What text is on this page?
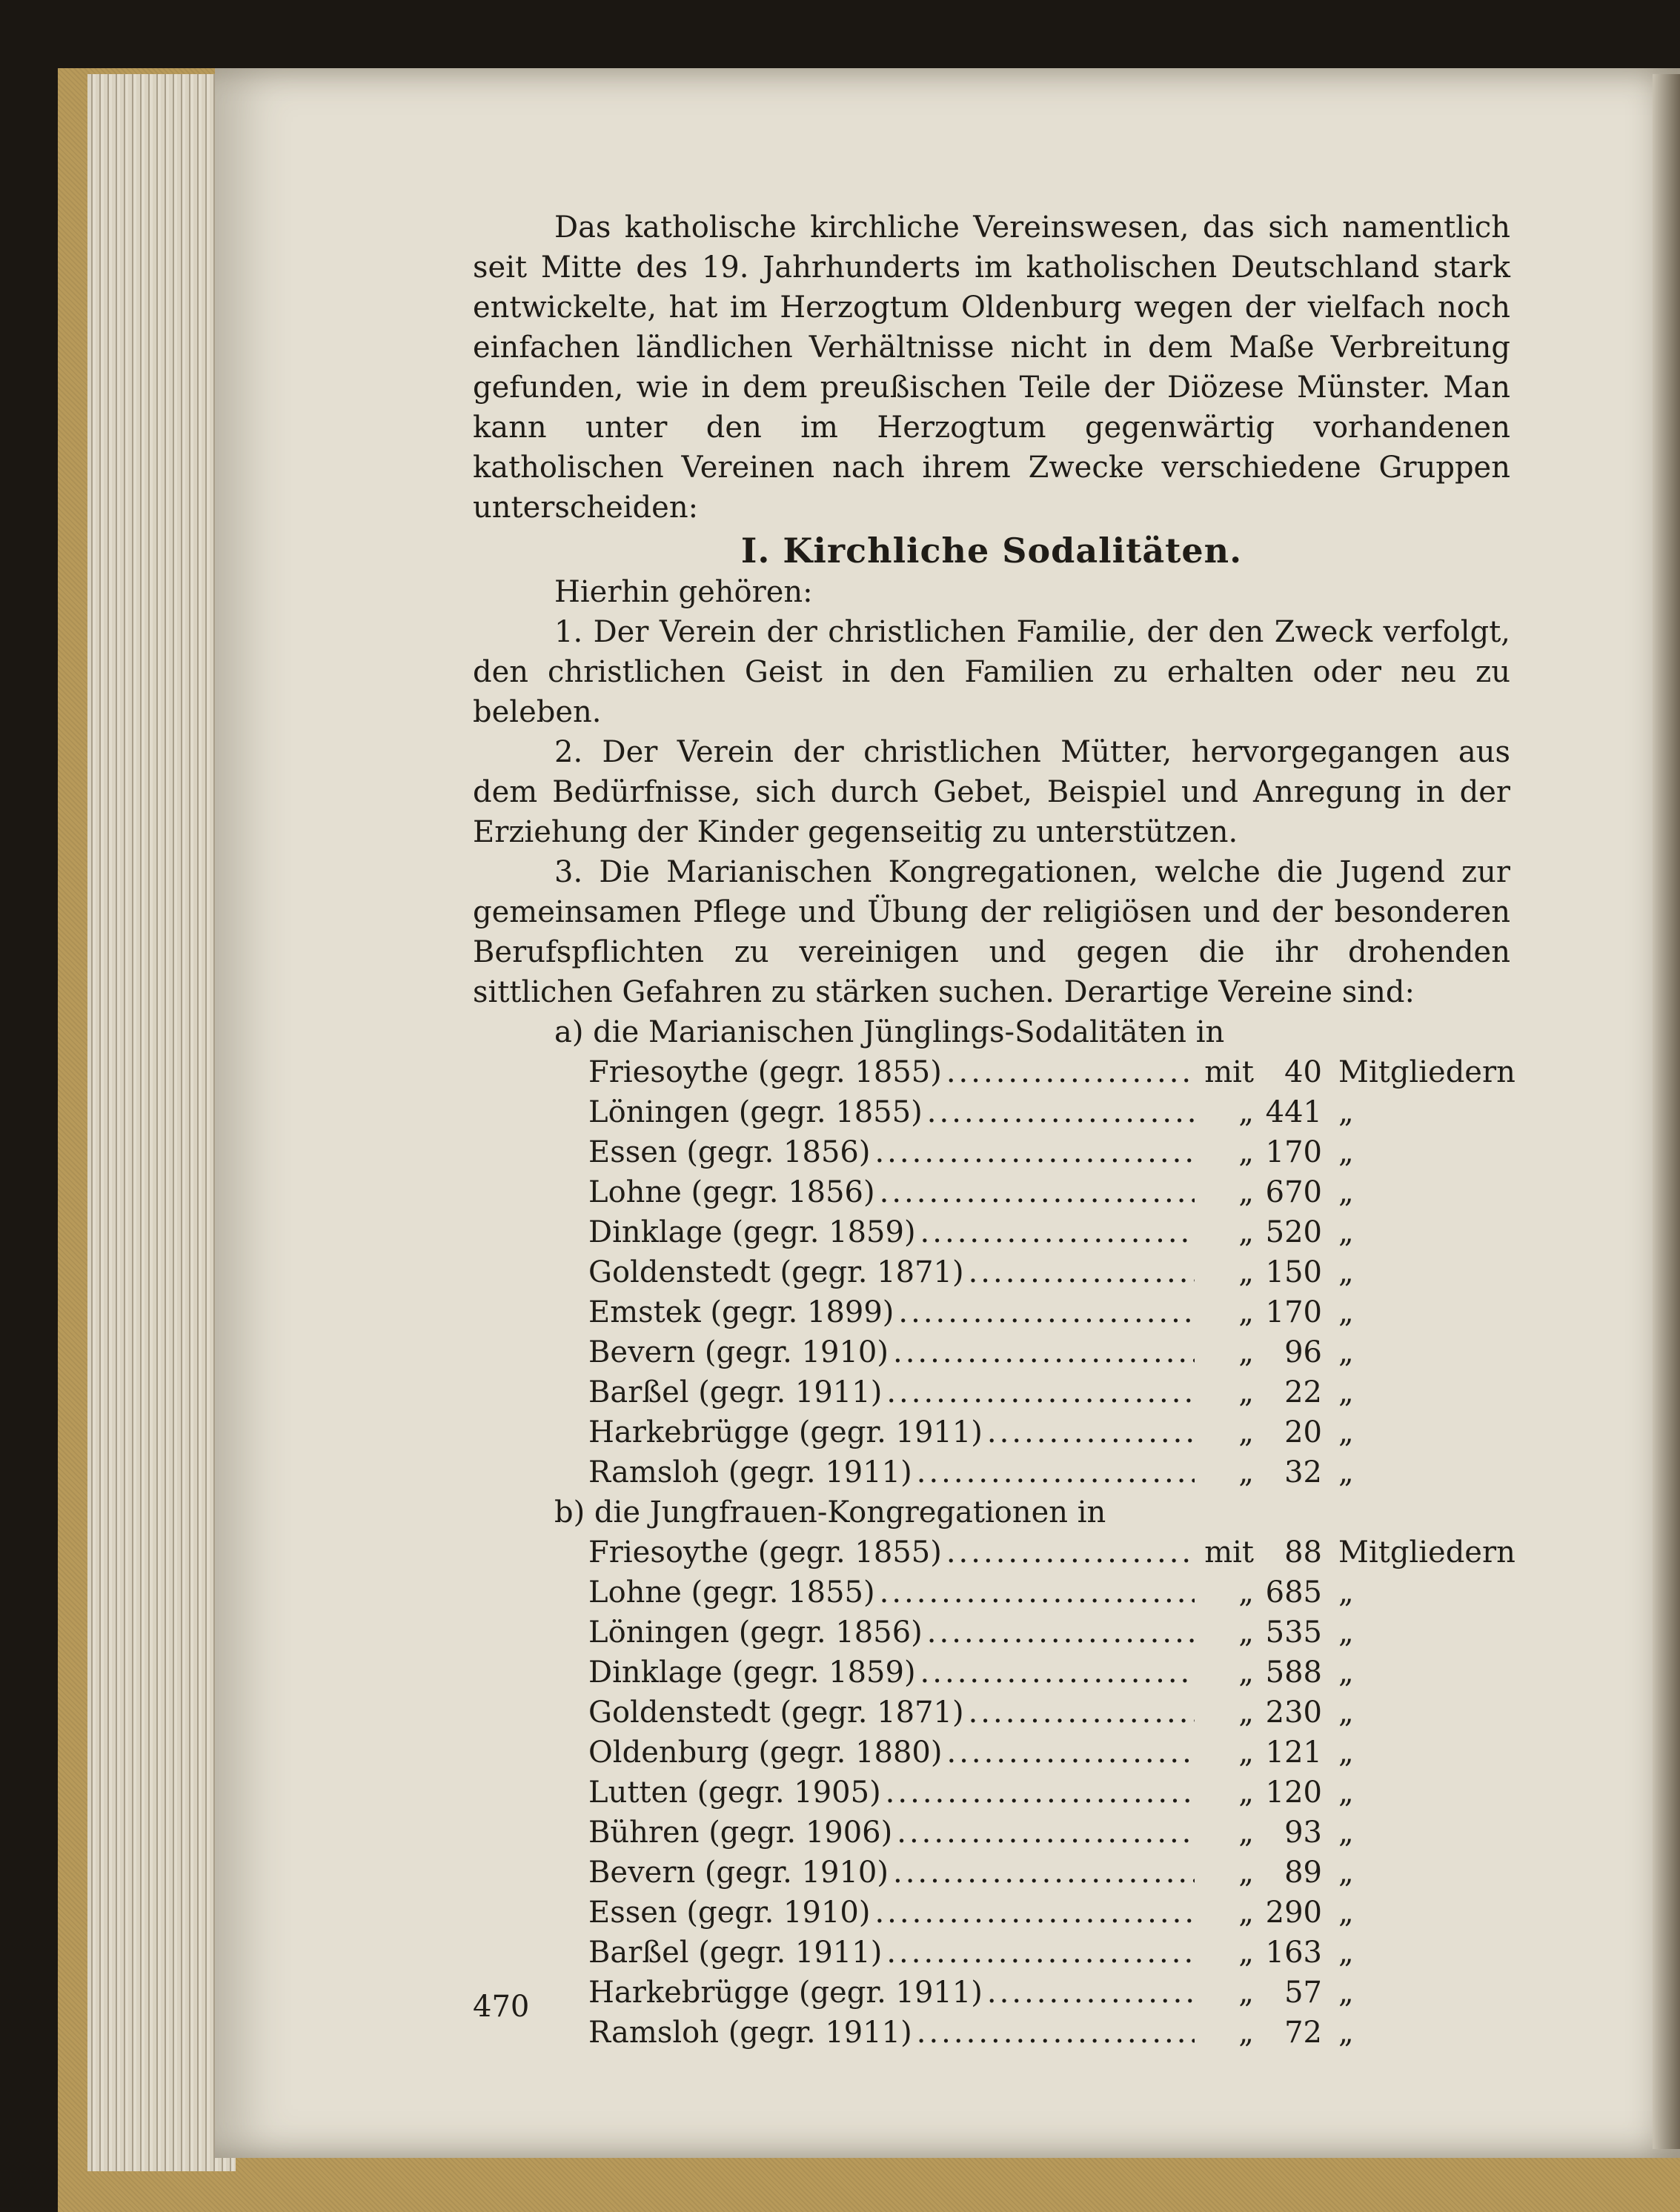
Das katholische kirchliche Vereinswesen, das sich namentlich seit Mitte des 19. Jahrhunderts im katholischen Deutschland stark entwickelte, hat im Herzogtum Oldenburg wegen der vielfach noch einfachen ländlichen Verhältnisse nicht in dem Maße Verbreitung gefunden, wie in dem preußischen Teile der Diözese Münster. Man kann unter den im Herzogtum gegenwärtig vorhandenen katholischen Vereinen nach ihrem Zwecke verschiedene Gruppen unterscheiden:

I. Kirchliche Sodalitäten.

Hierhin gehören:

1. Der Verein der christlichen Familie, der den Zweck verfolgt, den christlichen Geist in den Familien zu erhalten oder neu zu beleben.

2. Der Verein der christlichen Mütter, hervorgegangen aus dem Bedürfnisse, sich durch Gebet, Beispiel und Anregung in der Erziehung der Kinder gegenseitig zu unterstützen.

3. Die Marianischen Kongregationen, welche die Jugend zur gemeinsamen Pflege und Übung der religiösen und der besonderen Berufspflichten zu vereinigen und gegen die ihr drohenden sittlichen Gefahren zu stärken suchen. Derartige Vereine sind:

a) die Marianischen Jünglings-Sodalitäten in

Friesoythe (gegr. 1855) .....	mit	40 Mitgliedern
Löningen (gegr. 1855) .....	„ 441 „
Essen (gegr. 1856) .....	„ 170 „
Lohne (gegr. 1856) .....	„ 670 „
Dinklage (gegr. 1859) .....	„ 520 „
Goldenstedt (gegr. 1871) .....	„ 150 „
Emstek (gegr. 1899) .....	„ 170 „
Bevern (gegr. 1910) .....	„	96 „
Barßel (gegr. 1911) .....	„	22 „
Harkebrügge (gegr. 1911) .....	„	20 „
Ramsloh (gegr. 1911) .....	„	32 „

b) die Jungfrauen-Kongregationen in

Friesoythe (gegr. 1855) .....	mit	88 Mitgliedern
Lohne (gegr. 1855) .....	„ 685 „
Löningen (gegr. 1856) .....	„ 535 „
Dinklage (gegr. 1859) .....	„ 588 „
Goldenstedt (gegr. 1871) .....	„ 230 „
Oldenburg (gegr. 1880) .....	„ 121 „
Lutten (gegr. 1905) .....	„ 120 „
Bühren (gegr. 1906) .....	„	93 „
Bevern (gegr. 1910) .....	„	89 „
Essen (gegr. 1910) .....	„ 290 „
Barßel (gegr. 1911) .....	„ 163 „
Harkebrügge (gegr. 1911) .....	„	57 „
Ramsloh (gegr. 1911) .....	„	72 „
470
